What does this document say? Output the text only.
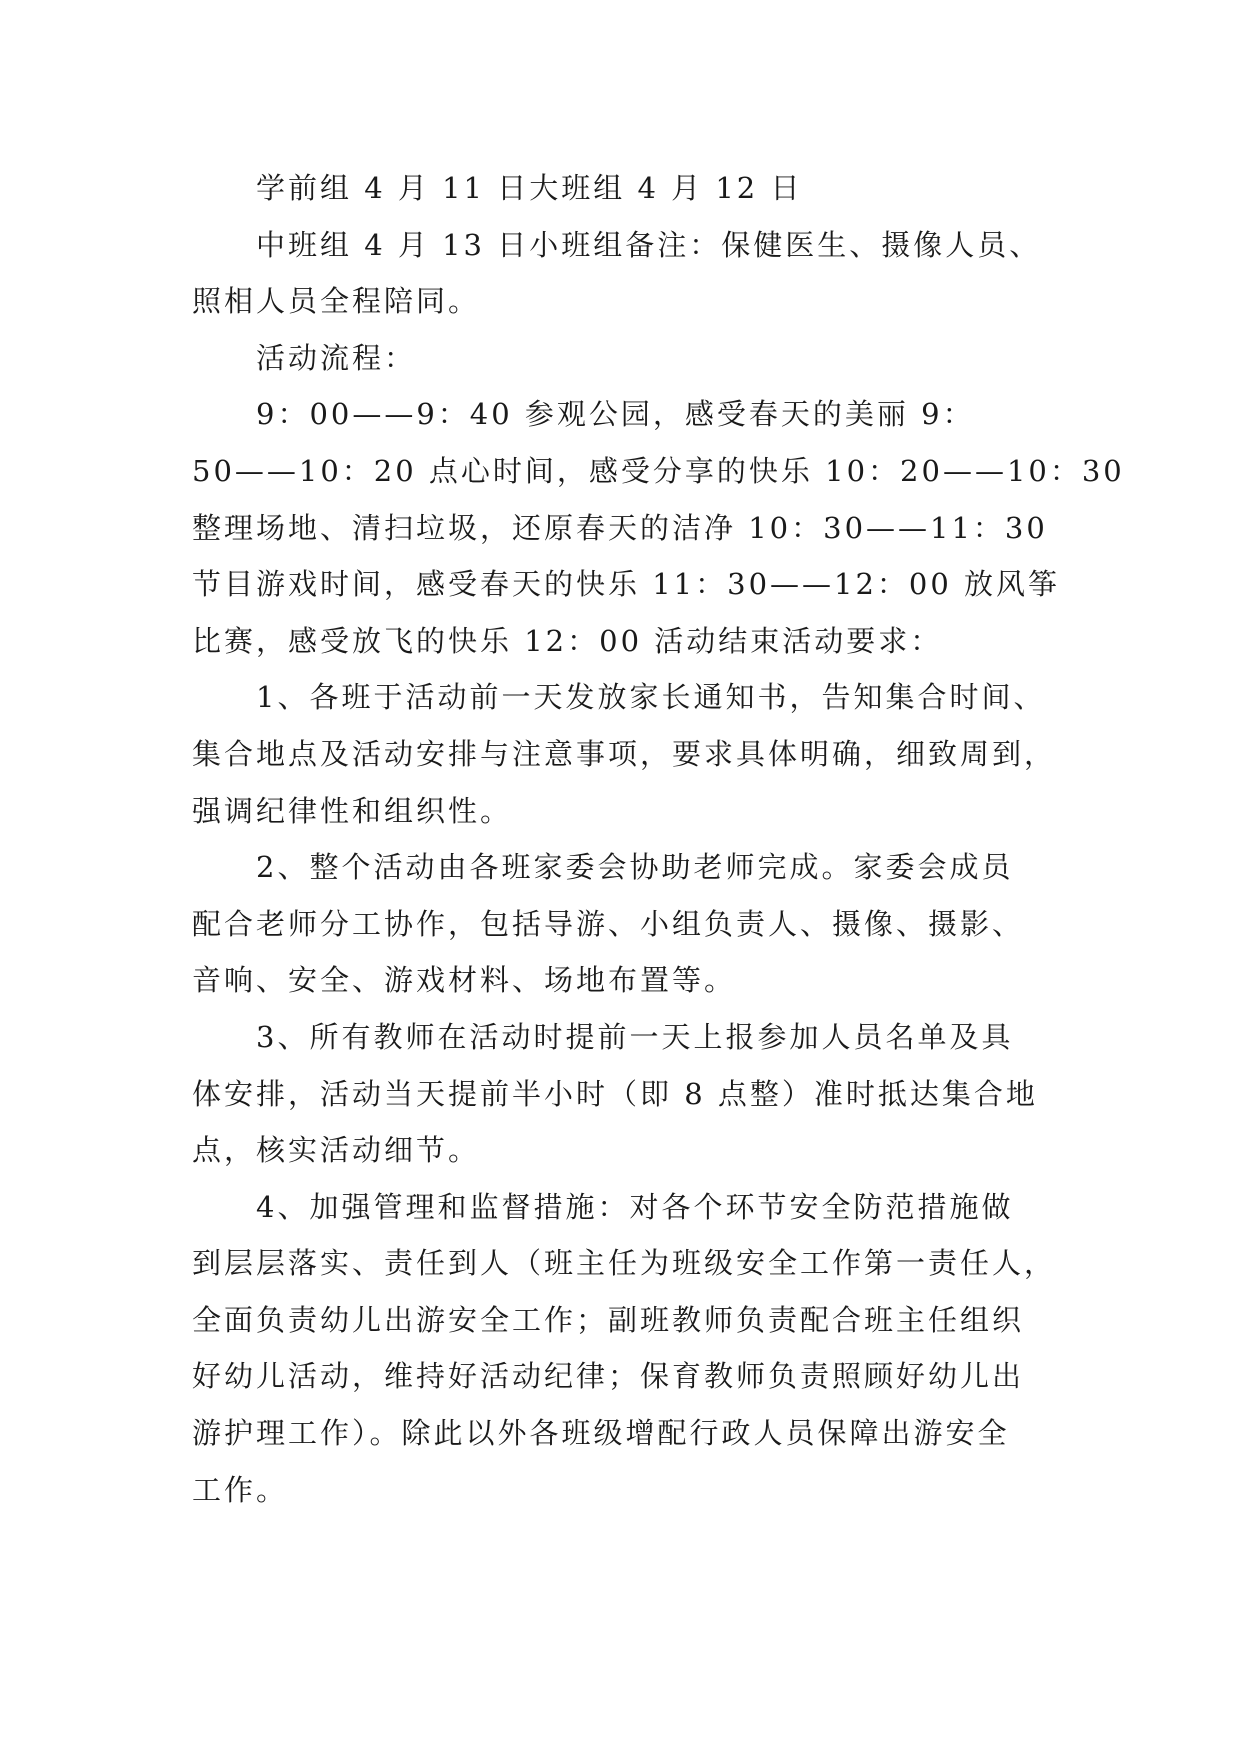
学前组 4 月 11 日大班组 4 月 12 日
中班组 4 月 13 日小班组备注：保健医生、摄像人员、
照相人员全程陪同。
活动流程：
9：00——9：40 参观公园，感受春天的美丽 9：
50——10：20 点心时间，感受分享的快乐 10：20——10：30
整理场地、清扫垃圾，还原春天的洁净 10：30——11：30
节目游戏时间，感受春天的快乐 11：30——12：00 放风筝
比赛，感受放飞的快乐 12：00 活动结束活动要求：
1、各班于活动前一天发放家长通知书，告知集合时间、
集合地点及活动安排与注意事项，要求具体明确，细致周到，
强调纪律性和组织性。
2、整个活动由各班家委会协助老师完成。家委会成员
配合老师分工协作，包括导游、小组负责人、摄像、摄影、
音响、安全、游戏材料、场地布置等。
3、所有教师在活动时提前一天上报参加人员名单及具
体安排，活动当天提前半小时（即 8 点整）准时抵达集合地
点，核实活动细节。
4、加强管理和监督措施：对各个环节安全防范措施做
到层层落实、责任到人（班主任为班级安全工作第一责任人，
全面负责幼儿出游安全工作；副班教师负责配合班主任组织
好幼儿活动，维持好活动纪律；保育教师负责照顾好幼儿出
游护理工作）。除此以外各班级增配行政人员保障出游安全
工作。
